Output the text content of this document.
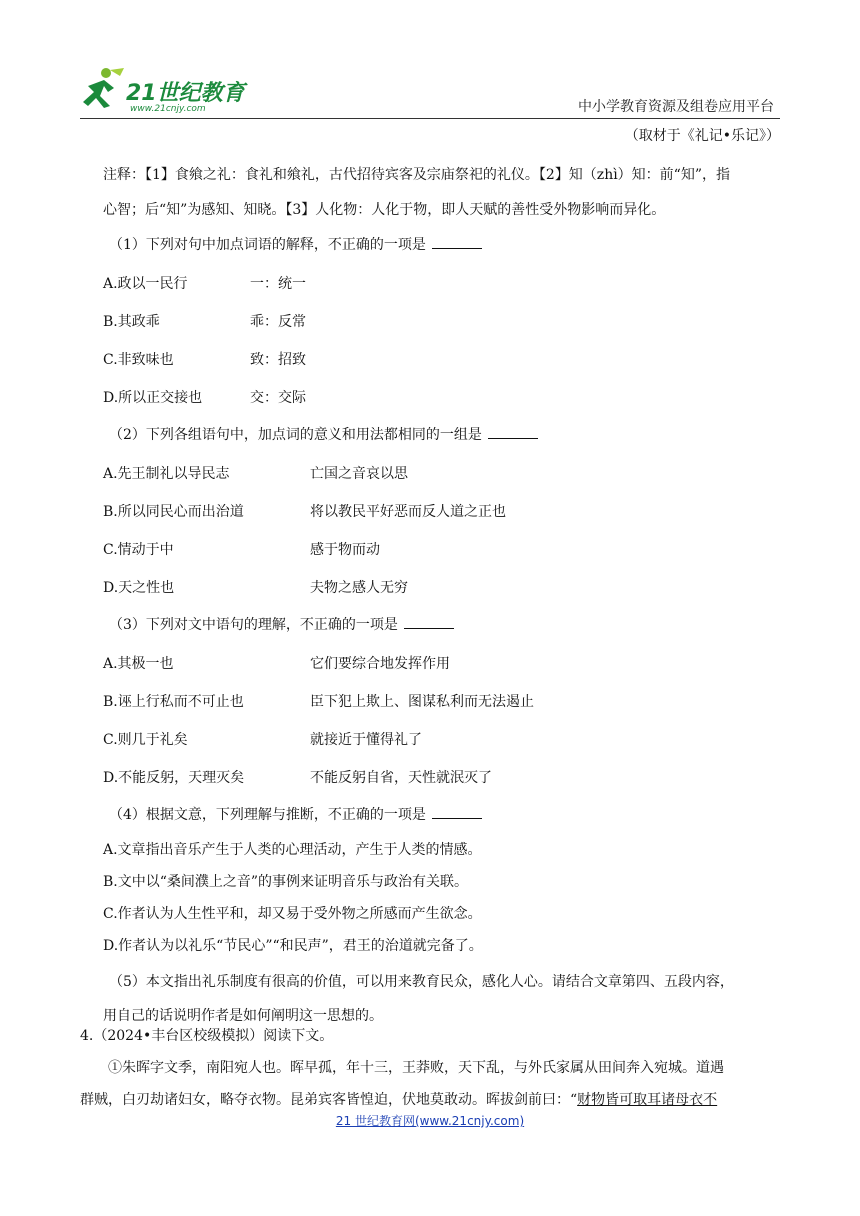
21世纪教育
www.21cnjy.com	中小学教育资源及组卷应用平台
（取材于《礼记•乐记》）

注释：【1】食飨之礼：食礼和飨礼，古代招待宾客及宗庙祭祀的礼仪。【2】知（zhì）知：前“知”，指

心智；后“知”为感知、知晓。【3】人化物：人化于物，即人天赋的善性受外物影响而异化。

（1）下列对句中加点词语的解释，不正确的一项是

A.政以一民行	一：统一
B.其政乖	乖：反常
C.非致味也	致：招致
D.所以正交接也	交：交际

（2）下列各组语句中，加点词的意义和用法都相同的一组是

A.先王制礼以导民志	亡国之音哀以思
B.所以同民心而出治道	将以教民平好恶而反人道之正也
C.情动于中	感于物而动
D.天之性也	夫物之感人无穷

（3）下列对文中语句的理解，不正确的一项是

A.其极一也	它们要综合地发挥作用
B.诬上行私而不可止也	臣下犯上欺上、图谋私利而无法遏止
C.则几于礼矣	就接近于懂得礼了
D.不能反躬，天理灭矣	不能反躬自省，天性就泯灭了

（4）根据文意，下列理解与推断，不正确的一项是

A.文章指出音乐产生于人类的心理活动，产生于人类的情感。

B.文中以“桑间濮上之音”的事例来证明音乐与政治有关联。

C.作者认为人生性平和，却又易于受外物之所感而产生欲念。

D.作者认为以礼乐“节民心”“和民声”，君王的治道就完备了。

（5）本文指出礼乐制度有很高的价值，可以用来教育民众，感化人心。请结合文章第四、五段内容，

用自己的话说明作者是如何阐明这一思想的。

4.（2024•丰台区校级模拟）阅读下文。

①朱晖字文季，南阳宛人也。晖早孤，年十三，王莽败，天下乱，与外氏家属从田间奔入宛城。道遇

群贼，白刃劫诸妇女，略夺衣物。昆弟宾客皆惶迫，伏地莫敢动。晖拔剑前曰：“财物皆可取耳诸母衣不

21 世纪教育网(www.21cnjy.com)
